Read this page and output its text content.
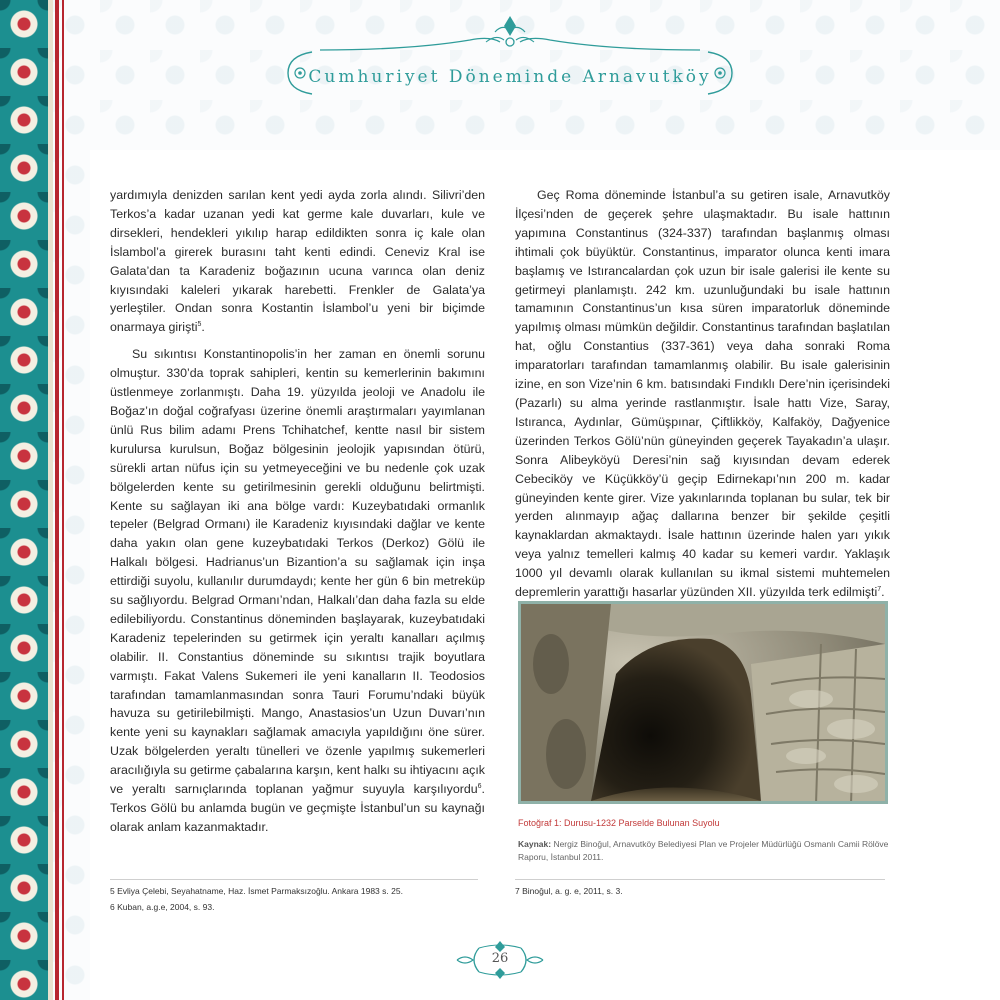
Cumhuriyet Döneminde Arnavutköy

yardımıyla denizden sarılan kent yedi ayda zorla alındı. Silivri’den Terkos’a kadar uzanan yedi kat germe kale duvarları, kule ve dirsekleri, hendekleri yıkılıp harap edildikten sonra iç kale olan İslambol’a girerek burasını taht kenti edindi. Ceneviz Kral ise Galata’dan ta Karadeniz boğazının ucuna varınca olan deniz kıyısındaki kaleleri yıkarak harebetti. Frenkler de Galata’ya yerleştiler. Ondan sonra Kostantin İslambol’u yeni bir biçimde onarmaya girişti$^5$.

Su sıkıntısı Konstantinopolis’in her zaman en önemli sorunu olmuştur. 330’da toprak sahipleri, kentin su kemerlerinin bakımını üstlenmeye zorlanmıştı. Daha 19. yüzyılda jeoloji ve Anadolu ile Boğaz’ın doğal coğrafyası üzerine önemli araştırmaları yayımlanan ünlü Rus bilim adamı Prens Tchihatchef, kentte nasıl bir sistem kurulursa kurulsun, Boğaz bölgesinin jeolojik yapısından ötürü, sürekli artan nüfus için su yetmeyeceğini ve bu nedenle çok uzak bölgelerden kente su getirilmesinin gerekli olduğunu belirtmişti. Kente su sağlayan iki ana bölge vardı: Kuzeybatıdaki ormanlık tepeler (Belgrad Ormanı) ile Karadeniz kıyısındaki dağlar ve kente daha yakın olan gene kuzeybatıdaki Terkos (Derkoz) Gölü ile Halkalı bölgesi. Hadrianus’un Bizantion’a su sağlamak için inşa ettirdiği suyolu, kullanılır durumdaydı; kente her gün 6 bin metreküp su sağlıyordu. Belgrad Ormanı’ndan, Halkalı’dan daha fazla su elde edilebiliyordu. Constantinus döneminden başlayarak, kuzeybatıdaki Karadeniz tepelerinden su getirmek için yeraltı kanalları açılmış olabilir. II. Constantius döneminde su sıkıntısı trajik boyutlara varmıştı. Fakat Valens Sukemeri ile yeni kanalların II. Teodosios tarafından tamamlanmasından sonra Tauri Forumu’ndaki büyük havuza su getirilebilmişti. Mango, Anastasios’un Uzun Duvarı’nın kente yeni su kaynakları sağlamak amacıyla yapıldığını öne sürer. Uzak bölgelerden yeraltı tünelleri ve özenle yapılmış sukemerleri aracılığıyla su getirme çabalarına karşın, kent halkı su ihtiyacını açık ve yeraltı sarnıçlarında toplanan yağmur suyuyla karşılıyordu$^6$. Terkos Gölü bu anlamda bugün ve geçmişte İstanbul’un su kaynağı olarak anlam kazanmaktadır.

Geç Roma döneminde İstanbul’a su getiren isale, Arnavutköy İlçesi’nden de geçerek şehre ulaşmaktadır. Bu isale hattının yapımına Constantinus (324-337) tarafından başlanmış olması ihtimali çok büyüktür. Constantinus, imparator olunca kenti imara başlamış ve Istırancalardan çok uzun bir isale galerisi ile kente su getirmeyi planlamıştı. 242 km. uzunluğundaki bu isale hattının tamamının Constantinus’un kısa süren imparatorluk döneminde yapılmış olması mümkün değildir. Constantinus tarafından başlatılan hat, oğlu Constantius (337-361) veya daha sonraki Roma imparatorları tarafından tamamlanmış olabilir. Bu isale galerisinin izine, en son Vize’nin 6 km. batısındaki Fındıklı Dere’nin içerisindeki (Pazarlı) su alma yerinde rastlanmıştır. İsale hattı Vize, Saray, Istıranca, Aydınlar, Gümüşpınar, Çiftlikköy, Kalfaköy, Dağyenice üzerinden Terkos Gölü’nün güneyinden geçerek Tayakadın’a ulaşır. Sonra Alibeyköyü Deresi’nin sağ kıyısından devam ederek Cebeciköy ve Küçükköy’ü geçip Edirnekapı’nın 200 m. kadar güneyinden kente girer. Vize yakınlarında toplanan bu sular, tek bir yerden alınmayıp ağaç dallarına benzer bir şekilde çeşitli kaynaklardan akmaktaydı. İsale hattının üzerinde halen yarı yıkık veya yalnız temelleri kalmış 40 kadar su kemeri vardır. Yaklaşık 1000 yıl devamlı olarak kullanılan su ikmal sistemi muhtemelen depremlerin yarattığı hasarlar yüzünden XII. yüzyılda terk edilmişti$^7$.

Fotoğraf 1: Durusu-1232 Parselde Bulunan Suyolu

Kaynak: Nergiz Binoğul, Arnavutköy Belediyesi Plan ve Projeler Müdürlüğü Osmanlı Camii Rölöve Raporu, İstanbul 2011.

5 Evliya Çelebi, Seyahatname, Haz. İsmet Parmaksızoğlu. Ankara 1983 s. 25.

6 Kuban, a.g.e, 2004, s. 93.

7 Binoğul, a. g. e, 2011, s. 3.

26
